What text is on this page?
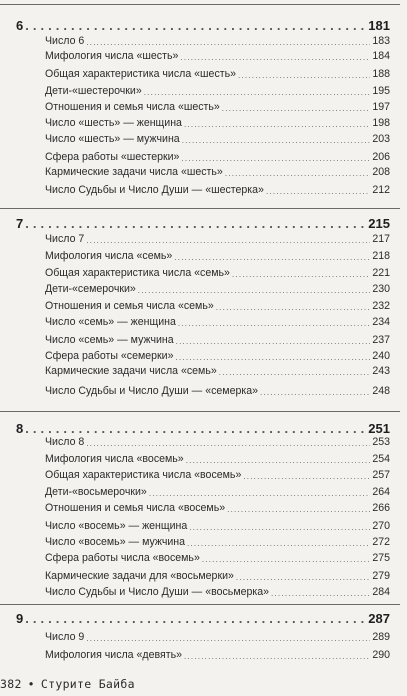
6 . . .	181
Число 6 . . .	183
Мифология числа «шесть» . . .	184
Общая характеристика числа «шесть» . . .	188
Дети-«шестерочки» . . .	195
Отношения и семья числа «шесть» . . .	197
Число «шесть» — женщина . . .	198
Число «шесть» — мужчина . . .	203
Сфера работы «шестерки» . . .	206
Кармические задачи числа «шесть» . . .	208
Число Судьбы и Число Души — «шестерка» . . .	212
7 . . .	215
Число 7 . . .	217
Мифология числа «семь» . . .	218
Общая характеристика числа «семь» . . .	221
Дети-«семерочки» . . .	230
Отношения и семья числа «семь» . . .	232
Число «семь» — женщина . . .	234
Число «семь» — мужчина . . .	237
Сфера работы «семерки» . . .	240
Кармические задачи числа «семь» . . .	243
Число Судьбы и Число Души — «семерка» . . .	248
8 . . .	251
Число 8 . . .	253
Мифология числа «восемь» . . .	254
Общая характеристика числа «восемь» . . .	257
Дети-«восьмерочки» . . .	264
Отношения и семья числа «восемь» . . .	266
Число «восемь» — женщина . . .	270
Число «восемь» — мужчина . . .	272
Сфера работы числа «восемь» . . .	275
Кармические задачи для «восьмерки» . . .	279
Число Судьбы и Число Души — «восьмерка» . . .	284
9 . . .	287
Число 9 . . .	289
Мифология числа «девять» . . .	290
382 • Стурите Байба
